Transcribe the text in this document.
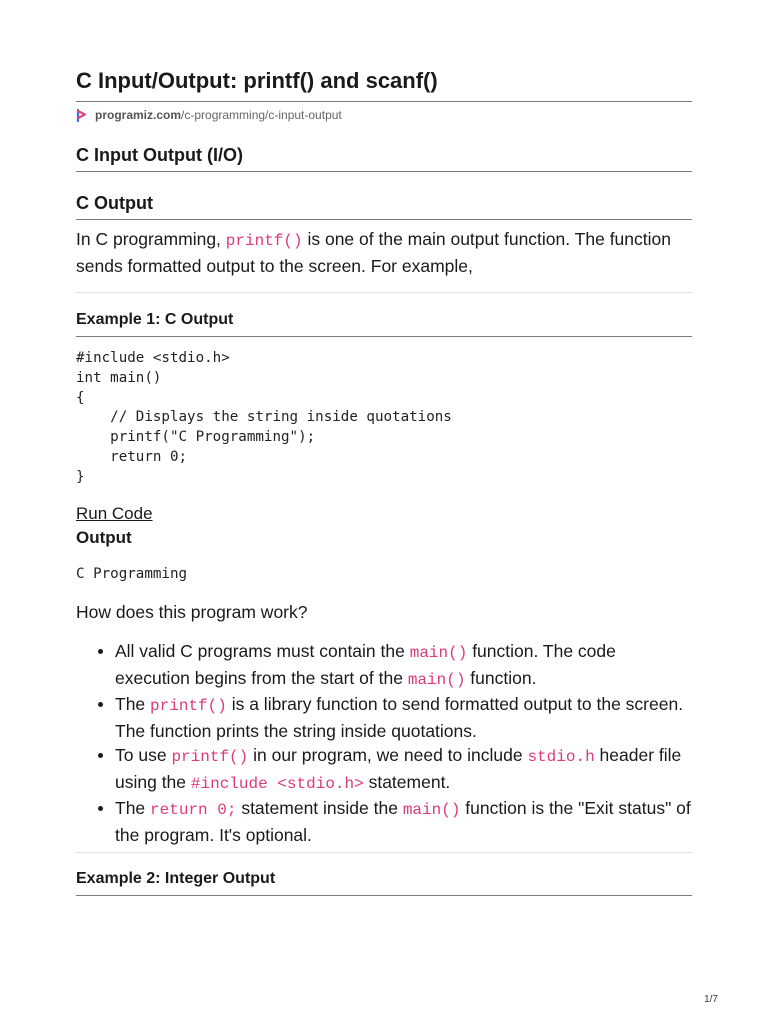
C Input/Output: printf() and scanf()
programiz.com /c-programming/c-input-output
C Input Output (I/O)
C Output

In C programming, printf() is one of the main output function. The function sends formatted output to the screen. For example,

Example 1: C Output
#include <stdio.h>
int main()
{
// Displays the string inside quotations
printf("C Programming");
return 0;
}
Run Code
Output
C Programming

How does this program work?

All valid C programs must contain the main() function. The code execution begins from the start of the main() function.
The printf() is a library function to send formatted output to the screen. The function prints the string inside quotations.
To use printf() in our program, we need to include stdio.h header file using the #include <stdio.h> statement.
The return 0; statement inside the main() function is the "Exit status" of the program. It's optional.
Example 2: Integer Output
1/7
